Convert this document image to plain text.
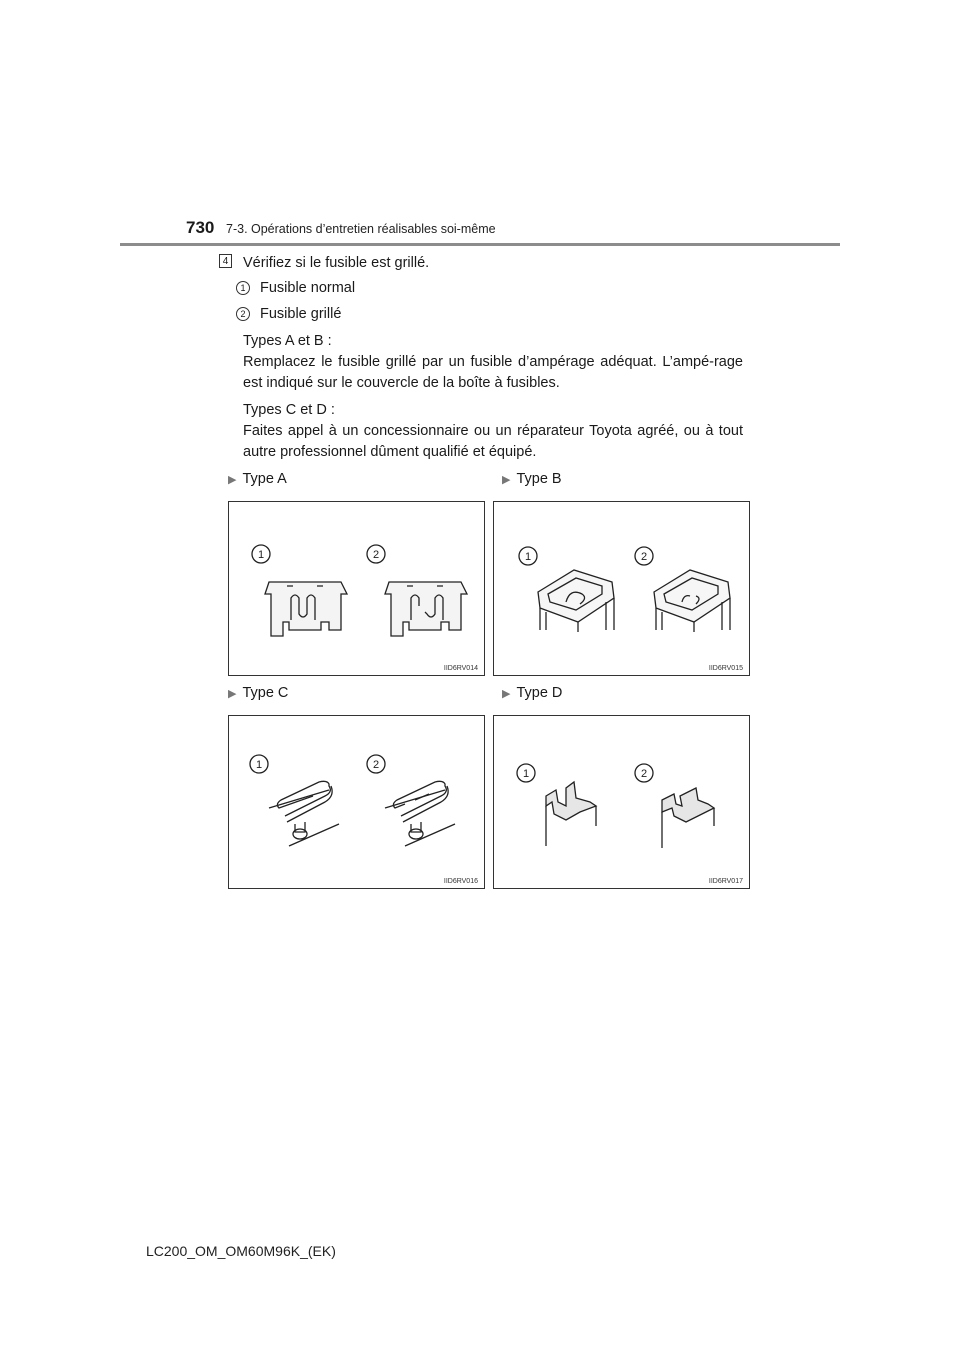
730 7-3. Opérations d’entretien réalisables soi-même
4 Vérifiez si le fusible est grillé.
1	Fusible normal
2	Fusible grillé
Types A et B :
Remplacez le fusible grillé par un fusible d’ampérage adéquat. L’ampé-rage est indiqué sur le couvercle de la boîte à fusibles.
Types C et D :
Faites appel à un concessionnaire ou un réparateur Toyota agréé, ou à tout autre professionnel dûment qualifié et équipé.
▶ Type A	▶ Type B
▶ Type C	▶ Type D
1	2
IID6RV014
1	2
IID6RV015
1	2
IID6RV016
1	2
IID6RV017
LC200_OM_OM60M96K_(EK)
